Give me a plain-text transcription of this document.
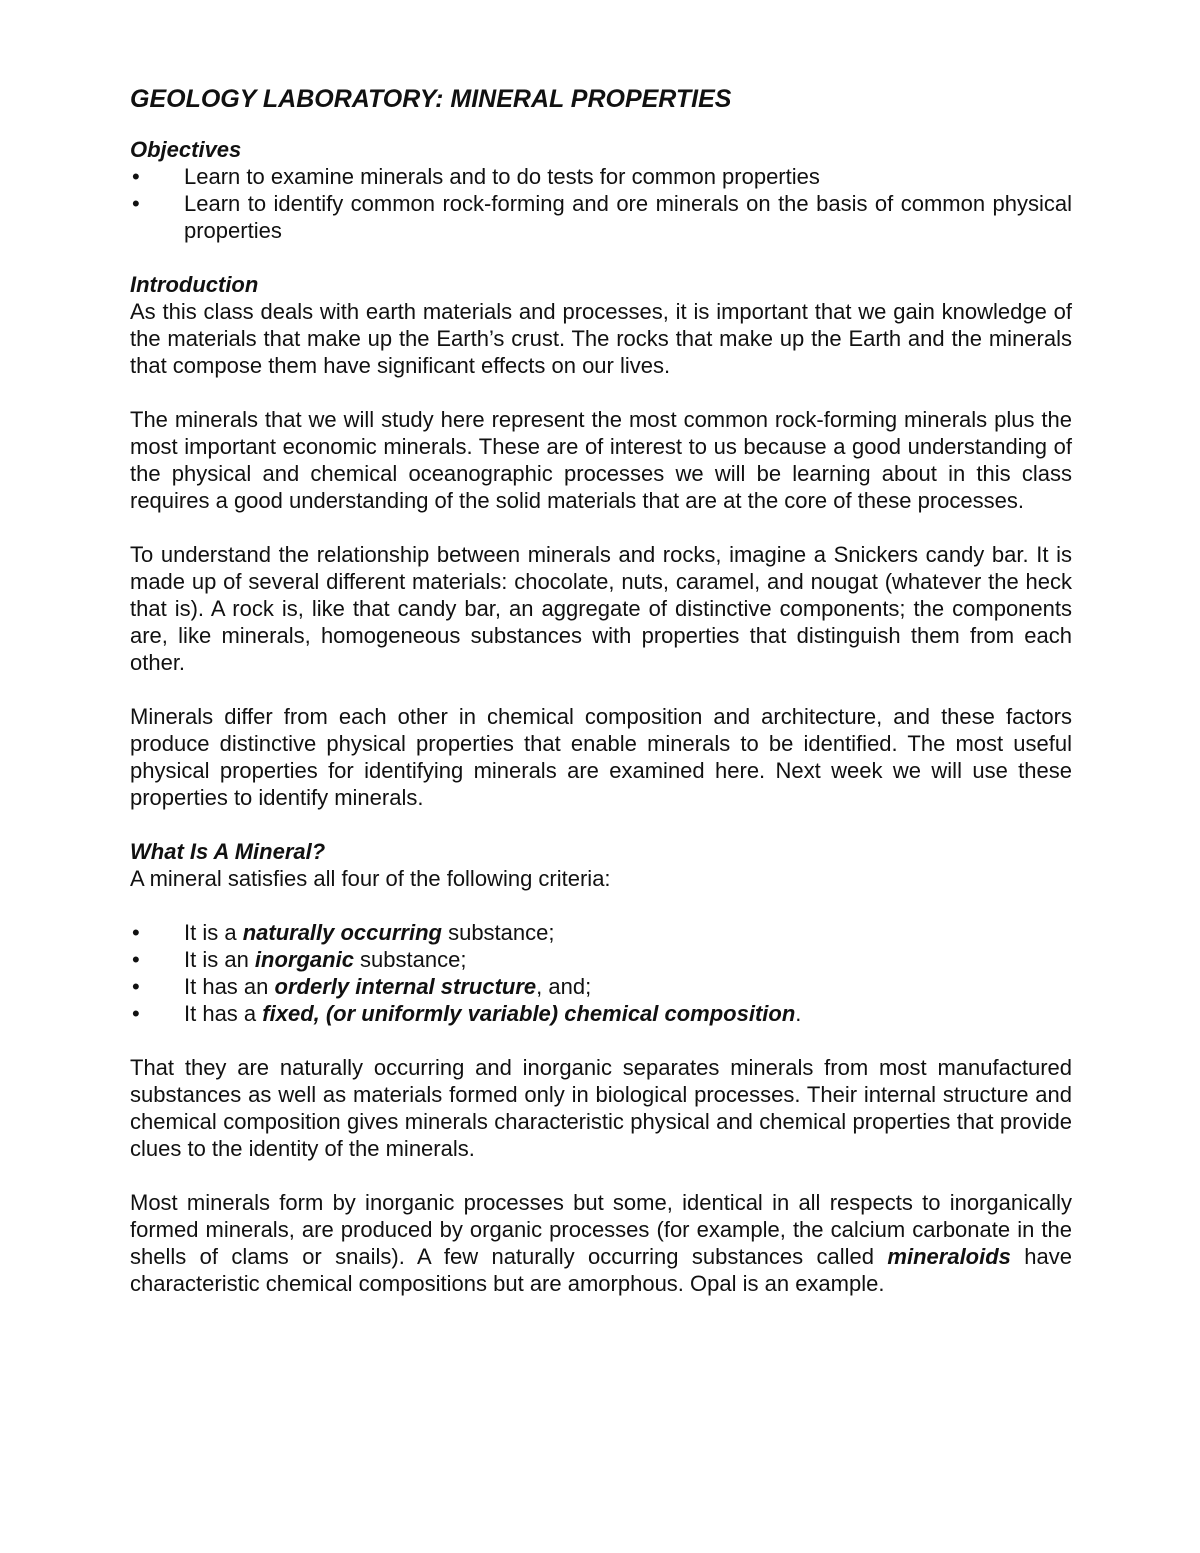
GEOLOGY LABORATORY: MINERAL PROPERTIES
Objectives
• Learn to examine minerals and to do tests for common properties
• Learn to identify common rock-forming and ore minerals on the basis of common physical properties
Introduction

As this class deals with earth materials and processes, it is important that we gain knowledge of the materials that make up the Earth’s crust. The rocks that make up the Earth and the minerals that compose them have significant effects on our lives.

The minerals that we will study here represent the most common rock-forming minerals plus the most important economic minerals. These are of interest to us because a good understanding of the physical and chemical oceanographic processes we will be learning about in this class requires a good understanding of the solid materials that are at the core of these processes.

To understand the relationship between minerals and rocks, imagine a Snickers candy bar. It is made up of several different materials: chocolate, nuts, caramel, and nougat (whatever the heck that is). A rock is, like that candy bar, an aggregate of distinctive components; the components are, like minerals, homogeneous substances with properties that distinguish them from each other.

Minerals differ from each other in chemical composition and architecture, and these factors produce distinctive physical properties that enable minerals to be identified. The most useful physical properties for identifying minerals are examined here. Next week we will use these properties to identify minerals.

What Is A Mineral?

A mineral satisfies all four of the following criteria:

• It is a naturally occurring substance;
• It is an inorganic substance;
• It has an orderly internal structure, and;
• It has a fixed, (or uniformly variable) chemical composition.

That they are naturally occurring and inorganic separates minerals from most manufactured substances as well as materials formed only in biological processes. Their internal structure and chemical composition gives minerals characteristic physical and chemical properties that provide clues to the identity of the minerals.

Most minerals form by inorganic processes but some, identical in all respects to inorganically formed minerals, are produced by organic processes (for example, the calcium carbonate in the shells of clams or snails). A few naturally occurring substances called mineraloids have characteristic chemical compositions but are amorphous. Opal is an example.
